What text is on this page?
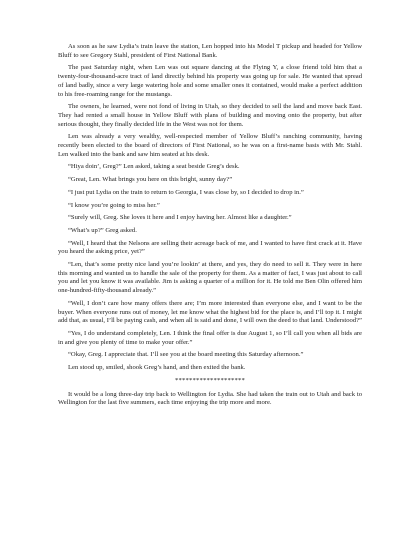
As soon as he saw Lydia’s train leave the station, Len hopped into his Model T pickup and headed for Yellow Bluff to see Gregory Stahl, president of First National Bank.

The past Saturday night, when Len was out square dancing at the Flying Y, a close friend told him that a twenty-four-thousand-acre tract of land directly behind his property was going up for sale. He wanted that spread of land badly, since a very large watering hole and some smaller ones it contained, would make a perfect addition to his free-roaming range for the mustangs.

The owners, he learned, were not fond of living in Utah, so they decided to sell the land and move back East. They had rented a small house in Yellow Bluff with plans of building and moving onto the property, but after serious thought, they finally decided life in the West was not for them.

Len was already a very wealthy, well-respected member of Yellow Bluff’s ranching community, having recently been elected to the board of directors of First National, so he was on a first-name basis with Mr. Stahl. Len walked into the bank and saw him seated at his desk.

“Hiya doin’, Greg?” Len asked, taking a seat beside Greg’s desk.

“Great, Len. What brings you here on this bright, sunny day?”

“I just put Lydia on the train to return to Georgia, I was close by, so I decided to drop in.”

“I know you’re going to miss her.”

“Surely will, Greg. She loves it here and I enjoy having her. Almost like a daughter.”

“What’s up?” Greg asked.

“Well, I heard that the Nelsons are selling their acreage back of me, and I wanted to have first crack at it. Have you heard the asking price, yet?”

“Len, that’s some pretty nice land you’re lookin’ at there, and yes, they do need to sell it. They were in here this morning and wanted us to handle the sale of the property for them. As a matter of fact, I was just about to call you and let you know it was available. Jim is asking a quarter of a million for it. He told me Ben Olin offered him one-hundred-fifty-thousand already.”

“Well, I don’t care how many offers there are; I’m more interested than everyone else, and I want to be the buyer. When everyone runs out of money, let me know what the highest bid for the place is, and I’ll top it. I might add that, as usual, I’ll be paying cash, and when all is said and done, I will own the deed to that land. Understood?”

“Yes, I do understand completely, Len. I think the final offer is due August 1, so I’ll call you when all bids are in and give you plenty of time to make your offer.”

“Okay, Greg. I appreciate that. I’ll see you at the board meeting this Saturday afternoon.”

Len stood up, smiled, shook Greg’s hand, and then exited the bank.

********************

It would be a long three-day trip back to Wellington for Lydia. She had taken the train out to Utah and back to Wellington for the last five summers, each time enjoying the trip more and more.
